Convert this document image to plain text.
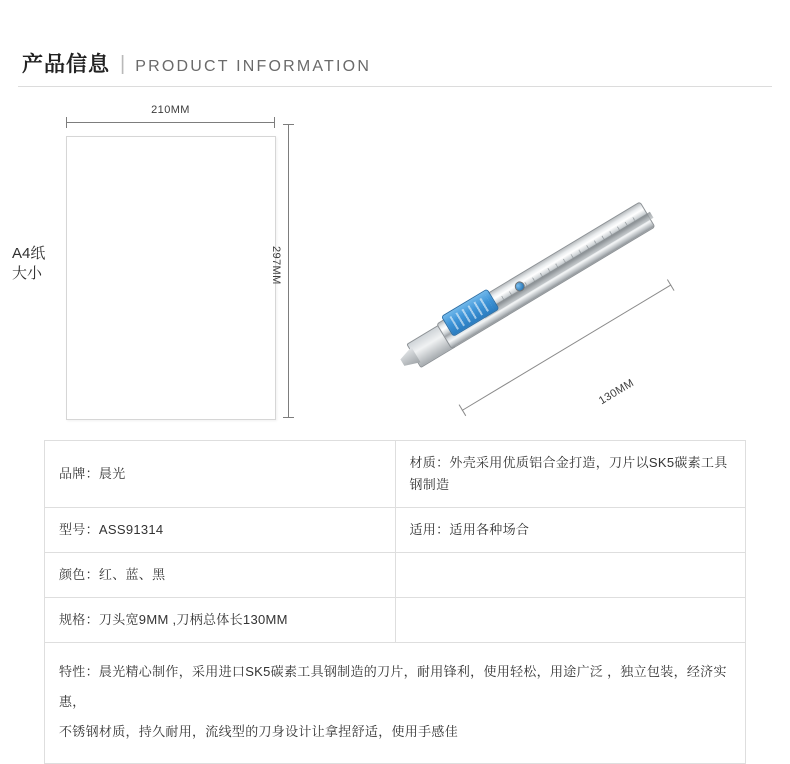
产品信息 | PRODUCT INFORMATION
210MM
297MM
A4纸
大小
130MM
品牌：晨光	材质：外壳采用优质铝合金打造，刀片以SK5碳素工具钢制造
型号：ASS91314	适用：适用各种场合
颜色：红、蓝、黑	
规格：刀头宽9MM ,刀柄总体长130MM	

特性：晨光精心制作，采用进口SK5碳素工具钢制造的刀片，耐用锋利，使用轻松，用途广泛 ，独立包装，经济实惠，
不锈钢材质，持久耐用，流线型的刀身设计让拿捏舒适，使用手感佳	
